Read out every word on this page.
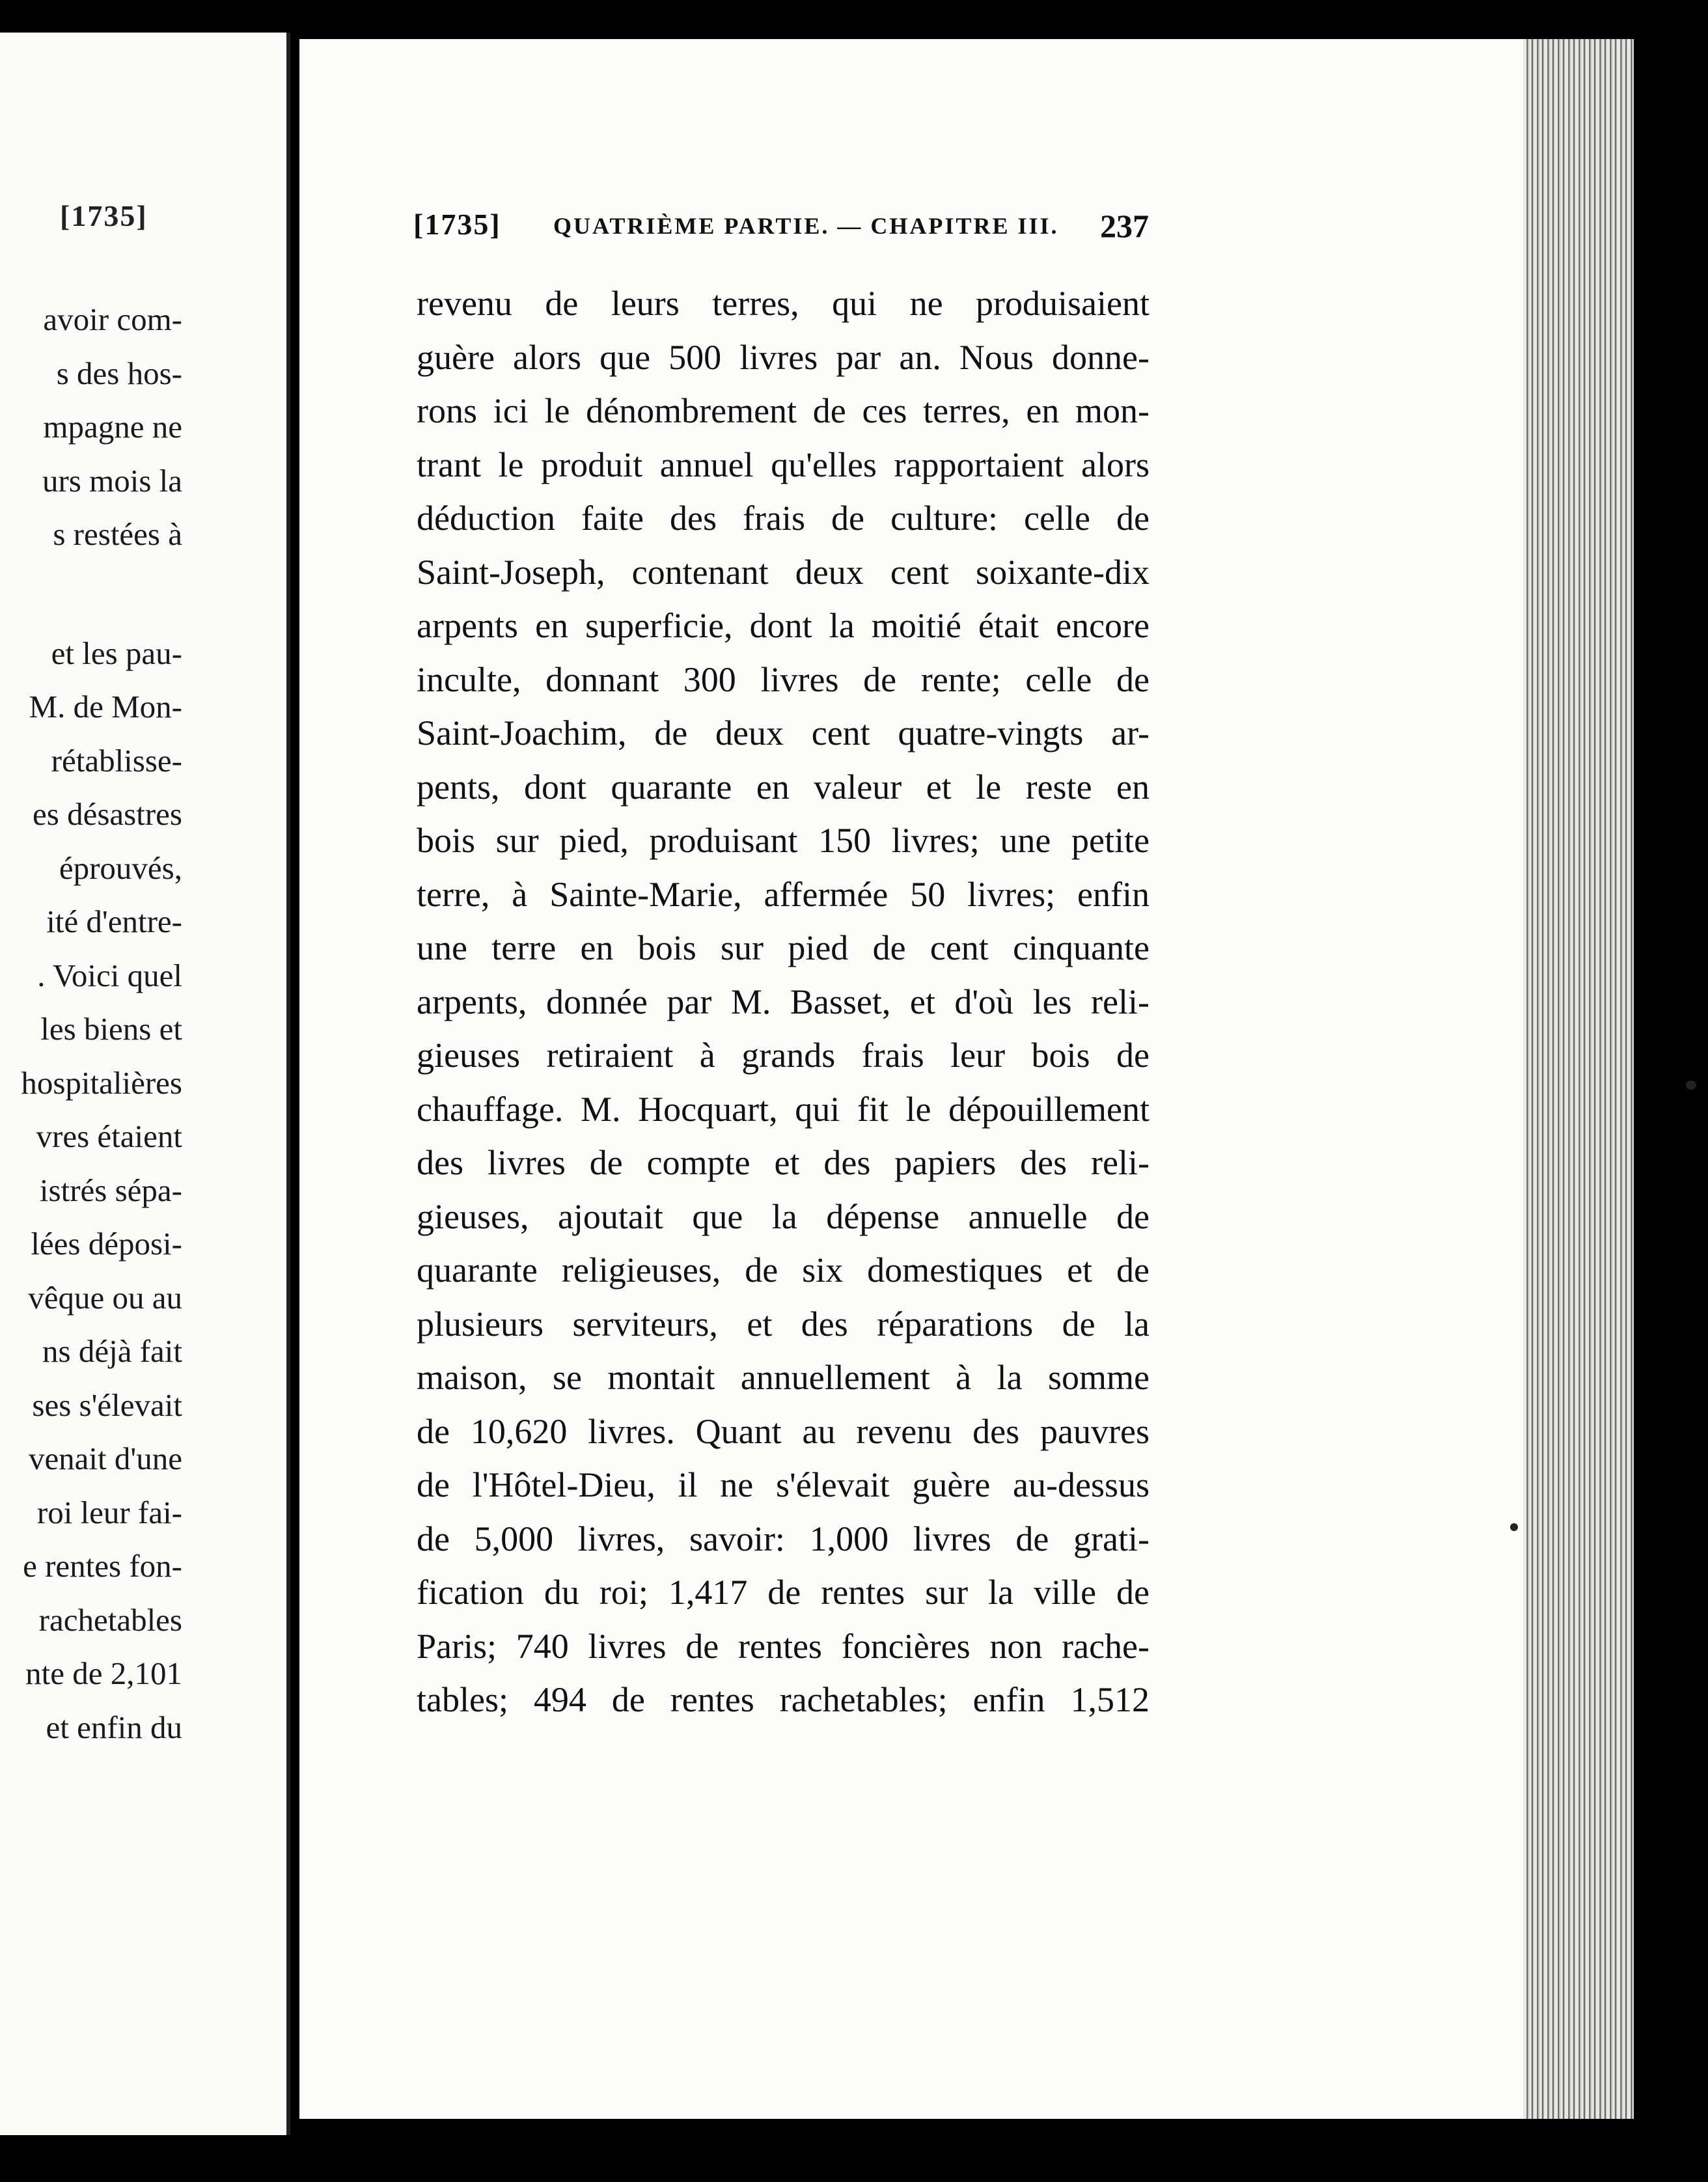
[1735]
avoir com-
s des hos-
mpagne ne
urs mois la
s restées à
et les pau-
M. de Mon-
rétablisse-
es désastres
éprouvés,
ité d'entre-
. Voici quel
les biens et
hospitalières
vres étaient
istrés sépa-
lées déposi-
vêque ou au
ns déjà fait
ses s'élevait
venait d'une
roi leur fai-
e rentes fon-
rachetables
nte de 2,101
et enfin du
[1735] QUATRIÈME PARTIE. — CHAPITRE III. 237
revenu de leurs terres, qui ne produisaient
guère alors que 500 livres par an. Nous donne-
rons ici le dénombrement de ces terres, en mon-
trant le produit annuel qu'elles rapportaient alors
déduction faite des frais de culture: celle de
Saint-Joseph, contenant deux cent soixante-dix
arpents en superficie, dont la moitié était encore
inculte, donnant 300 livres de rente; celle de
Saint-Joachim, de deux cent quatre-vingts ar-
pents, dont quarante en valeur et le reste en
bois sur pied, produisant 150 livres; une petite
terre, à Sainte-Marie, affermée 50 livres; enfin
une terre en bois sur pied de cent cinquante
arpents, donnée par M. Basset, et d'où les reli-
gieuses retiraient à grands frais leur bois de
chauffage. M. Hocquart, qui fit le dépouillement
des livres de compte et des papiers des reli-
gieuses, ajoutait que la dépense annuelle de
quarante religieuses, de six domestiques et de
plusieurs serviteurs, et des réparations de la
maison, se montait annuellement à la somme
de 10,620 livres. Quant au revenu des pauvres
de l'Hôtel-Dieu, il ne s'élevait guère au-dessus
de 5,000 livres, savoir: 1,000 livres de grati-
fication du roi; 1,417 de rentes sur la ville de
Paris; 740 livres de rentes foncières non rache-
tables; 494 de rentes rachetables; enfin 1,512
